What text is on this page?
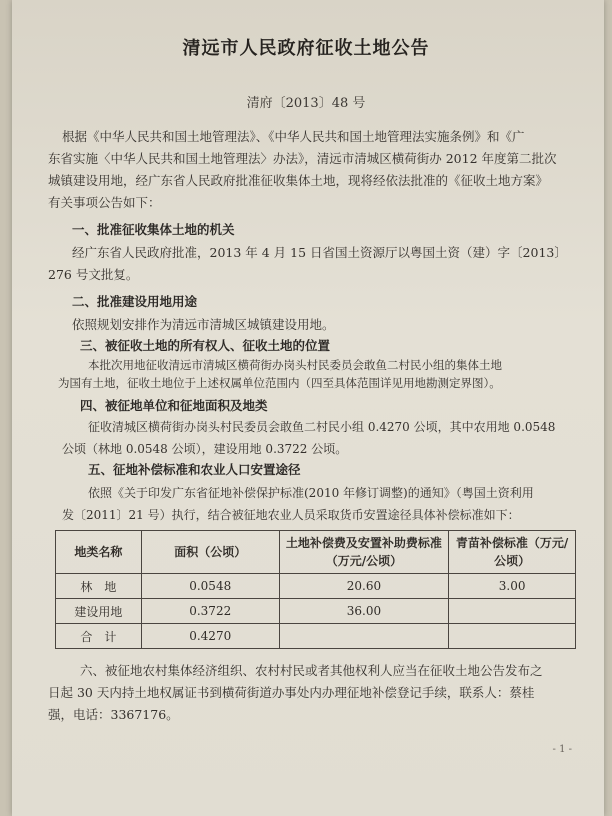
清远市人民政府征收土地公告
清府〔2013〕48 号
根据《中华人民共和国土地管理法》、《中华人民共和国土地管理法实施条例》和《广
东省实施〈中华人民共和国土地管理法〉办法》，清远市清城区横荷街办 2012 年度第二批次
城镇建设用地，经广东省人民政府批准征收集体土地，现将经依法批准的《征收土地方案》
有关事项公告如下：
一、批准征收集体土地的机关
经广东省人民政府批准，2013 年 4 月 15 日省国土资源厅以粤国土资（建）字〔2013〕
276 号文批复。
二、批准建设用地用途
依照规划安排作为清远市清城区城镇建设用地。
三、被征收土地的所有权人、征收土地的位置
本批次用地征收清远市清城区横荷街办岗头村民委员会敢鱼二村民小组的集体土地
为国有土地，征收土地位于上述权属单位范围内（四至具体范围详见用地勘测定界图）。
四、被征地单位和征地面积及地类
征收清城区横荷街办岗头村民委员会敢鱼二村民小组 0.4270 公顷，其中农用地 0.0548
公顷（林地 0.0548 公顷），建设用地 0.3722 公顷。
五、征地补偿标准和农业人口安置途径
依照《关于印发广东省征地补偿保护标准(2010 年修订调整)的通知》（粤国土资利用
发〔2011〕21 号）执行，结合被征地农业人员采取货币安置途径具体补偿标准如下：
地类名称	面积（公顷）	土地补偿费及安置补助费标准（万元/公顷）	青苗补偿标准（万元/公顷）
林　地	0.0548	20.60	3.00
建设用地	0.3722	36.00	
合　计	0.4270		
六、被征地农村集体经济组织、农村村民或者其他权利人应当在征收土地公告发布之
日起 30 天内持土地权属证书到横荷街道办事处内办理征地补偿登记手续，联系人：蔡桂
强，电话：3367176。
- 1 -
